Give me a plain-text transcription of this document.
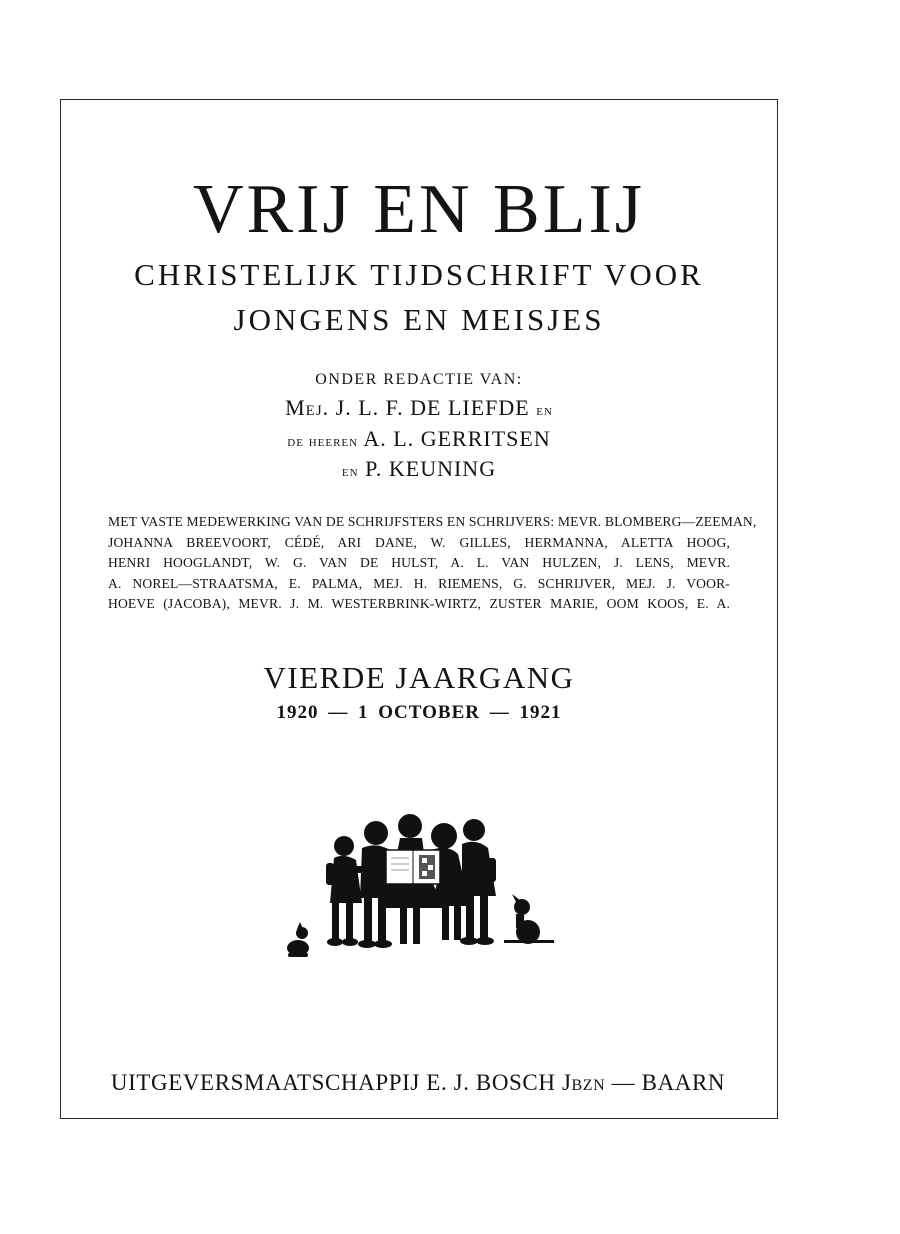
VRIJ EN BLIJ
CHRISTELIJK TIJDSCHRIFT VOOR
JONGENS EN MEISJES
ONDER REDACTIE VAN:
Mej. J. L. F. DE LIEFDE en
de heeren A. L. GERRITSEN
en P. KEUNING
MET VASTE MEDEWERKING VAN DE SCHRIJFSTERS EN SCHRIJVERS: MEVR. BLOMBERG—ZEEMAN,
JOHANNA BREEVOORT, CÉDÉ, ARI DANE, W. GILLES, HERMANNA, ALETTA HOOG,
HENRI HOOGLANDT, W. G. VAN DE HULST, A. L. VAN HULZEN, J. LENS, MEVR.
A. NOREL—STRAATSMA, E. PALMA, MEJ. H. RIEMENS, G. SCHRIJVER, MEJ. J. VOOR-
HOEVE (JACOBA), MEVR. J. M. WESTERBRINK-WIRTZ, ZUSTER MARIE, OOM KOOS, E. A.
VIERDE JAARGANG
1920 — 1 OCTOBER — 1921
UITGEVERSMAATSCHAPPIJ E. J. BOSCH Jbzn — BAARN
